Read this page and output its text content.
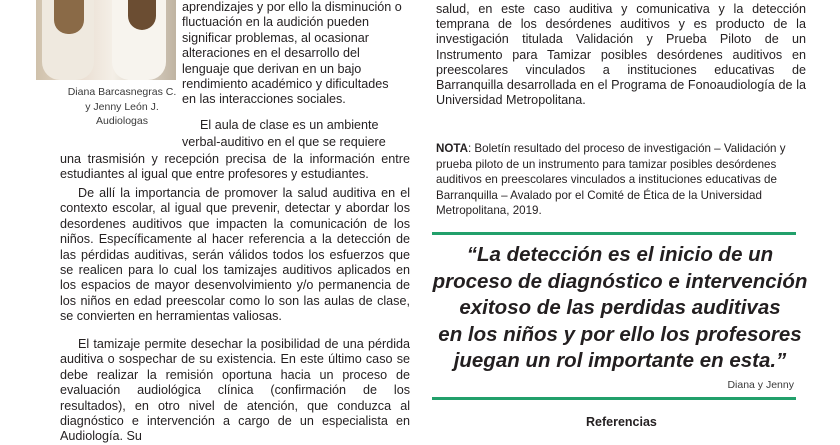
Diana Barcasnegras C.
y Jenny León J.
Audiologas
aprendizajes y por ello la disminución o
fluctuación en la audición pueden
significar problemas, al ocasionar
alteraciones en el desarrollo del
lenguaje que derivan en un bajo
rendimiento académico y dificultades
en las interacciones sociales.

El aula de clase es un ambiente

verbal-auditivo en el que se requiere

una trasmisión y recepción precisa de la información entre estudiantes al igual que entre profesores y estudiantes.

De allí la importancia de promover la salud auditiva en el contexto escolar, al igual que prevenir, detectar y abordar los desordenes auditivos que impacten la comunicación de los niños. Específicamente al hacer referencia a la detección de las pérdidas auditivas, serán válidos todos los esfuerzos que se realicen para lo cual los tamizajes auditivos aplicados en los espacios de mayor desenvolvimiento y/o permanencia de los niños en edad preescolar como lo son las aulas de clase, se convierten en herramientas valiosas.

El tamizaje permite desechar la posibilidad de una pérdida auditiva o sospechar de su existencia. En este último caso se debe realizar la remisión oportuna hacia un proceso de evaluación audiológica clínica (confirmación de los resultados), en otro nivel de atención, que conduzca al diagnóstico e intervención a cargo de un especialista en Audiología. Su

salud, en este caso auditiva y comunicativa y la detección temprana de los desórdenes auditivos y es producto de la investigación titulada Validación y Prueba Piloto de un Instrumento para Tamizar posibles desórdenes auditivos en preescolares vinculados a instituciones educativas de Barranquilla desarrollada en el Programa de Fonoaudiología de la Universidad Metropolitana.

NOTA: Boletín resultado del proceso de investigación – Validación y prueba piloto de un instrumento para tamizar posibles desórdenes auditivos en preescolares vinculados a instituciones educativas de Barranquilla – Avalado por el Comité de Ética de la Universidad Metropolitana, 2019.

“La detección es el inicio de un
proceso de diagnóstico e intervención
exitoso de las perdidas auditivas
en los niños y por ello los profesores
juegan un rol importante en esta.”
Diana y Jenny
Referencias
